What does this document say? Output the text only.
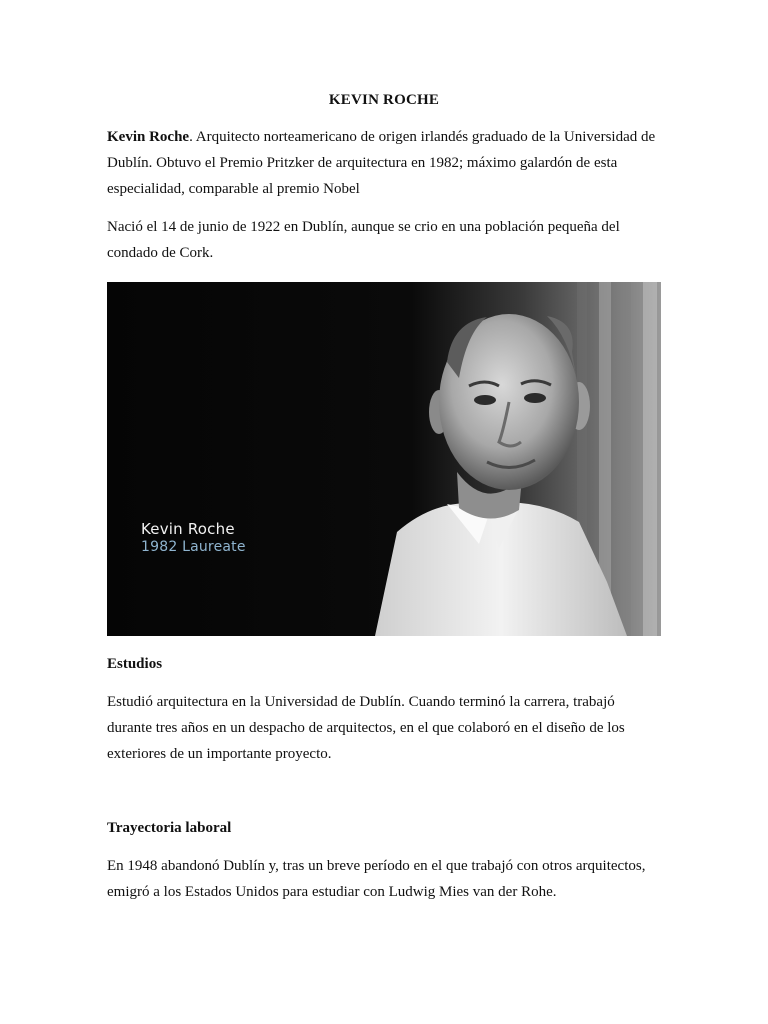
KEVIN ROCHE
Kevin Roche. Arquitecto norteamericano de origen irlandés graduado de la Universidad de
Dublín. Obtuvo el Premio Pritzker de arquitectura en 1982; máximo galardón de esta
especialidad, comparable al premio Nobel
Nació el 14 de junio de 1922 en Dublín, aunque se crio en una población pequeña del
condado de Cork.
Kevin Roche
1982 Laureate
Estudios
Estudió arquitectura en la Universidad de Dublín. Cuando terminó la carrera, trabajó
durante tres años en un despacho de arquitectos, en el que colaboró en el diseño de los
exteriores de un importante proyecto.
Trayectoria laboral
En 1948 abandonó Dublín y, tras un breve período en el que trabajó con otros arquitectos,
emigró a los Estados Unidos para estudiar con Ludwig Mies van der Rohe.
